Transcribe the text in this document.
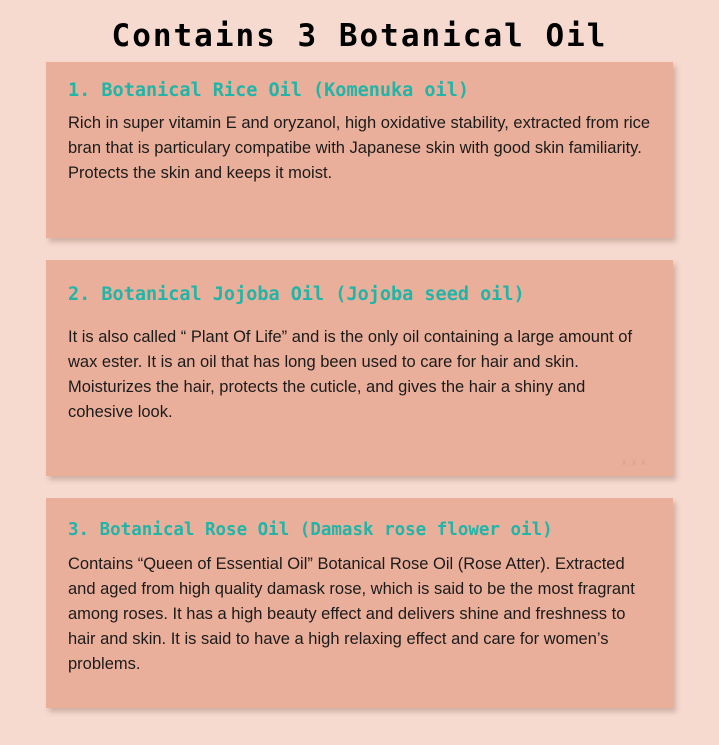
Contains 3 Botanical Oil
1. Botanical Rice Oil (Komenuka oil)

Rich in super vitamin E and oryzanol, high oxidative stability, extracted from rice bran that is particulary compatibe with Japanese skin with good skin familiarity. Protects the skin and keeps it moist.

2. Botanical Jojoba Oil (Jojoba seed oil)

It is also called “ Plant Of Life” and is the only oil containing a large amount of wax ester. It is an oil that has long been used to care for hair and skin. Moisturizes the hair, protects the cuticle, and gives the hair a shiny and cohesive look.

x x x
3. Botanical Rose Oil (Damask rose flower oil)

Contains “Queen of Essential Oil” Botanical Rose Oil (Rose Atter). Extracted and aged from high quality damask rose, which is said to be the most fragrant among roses. It has a high beauty effect and delivers shine and freshness to hair and skin. It is said to have a high relaxing effect and care for women’s problems.
